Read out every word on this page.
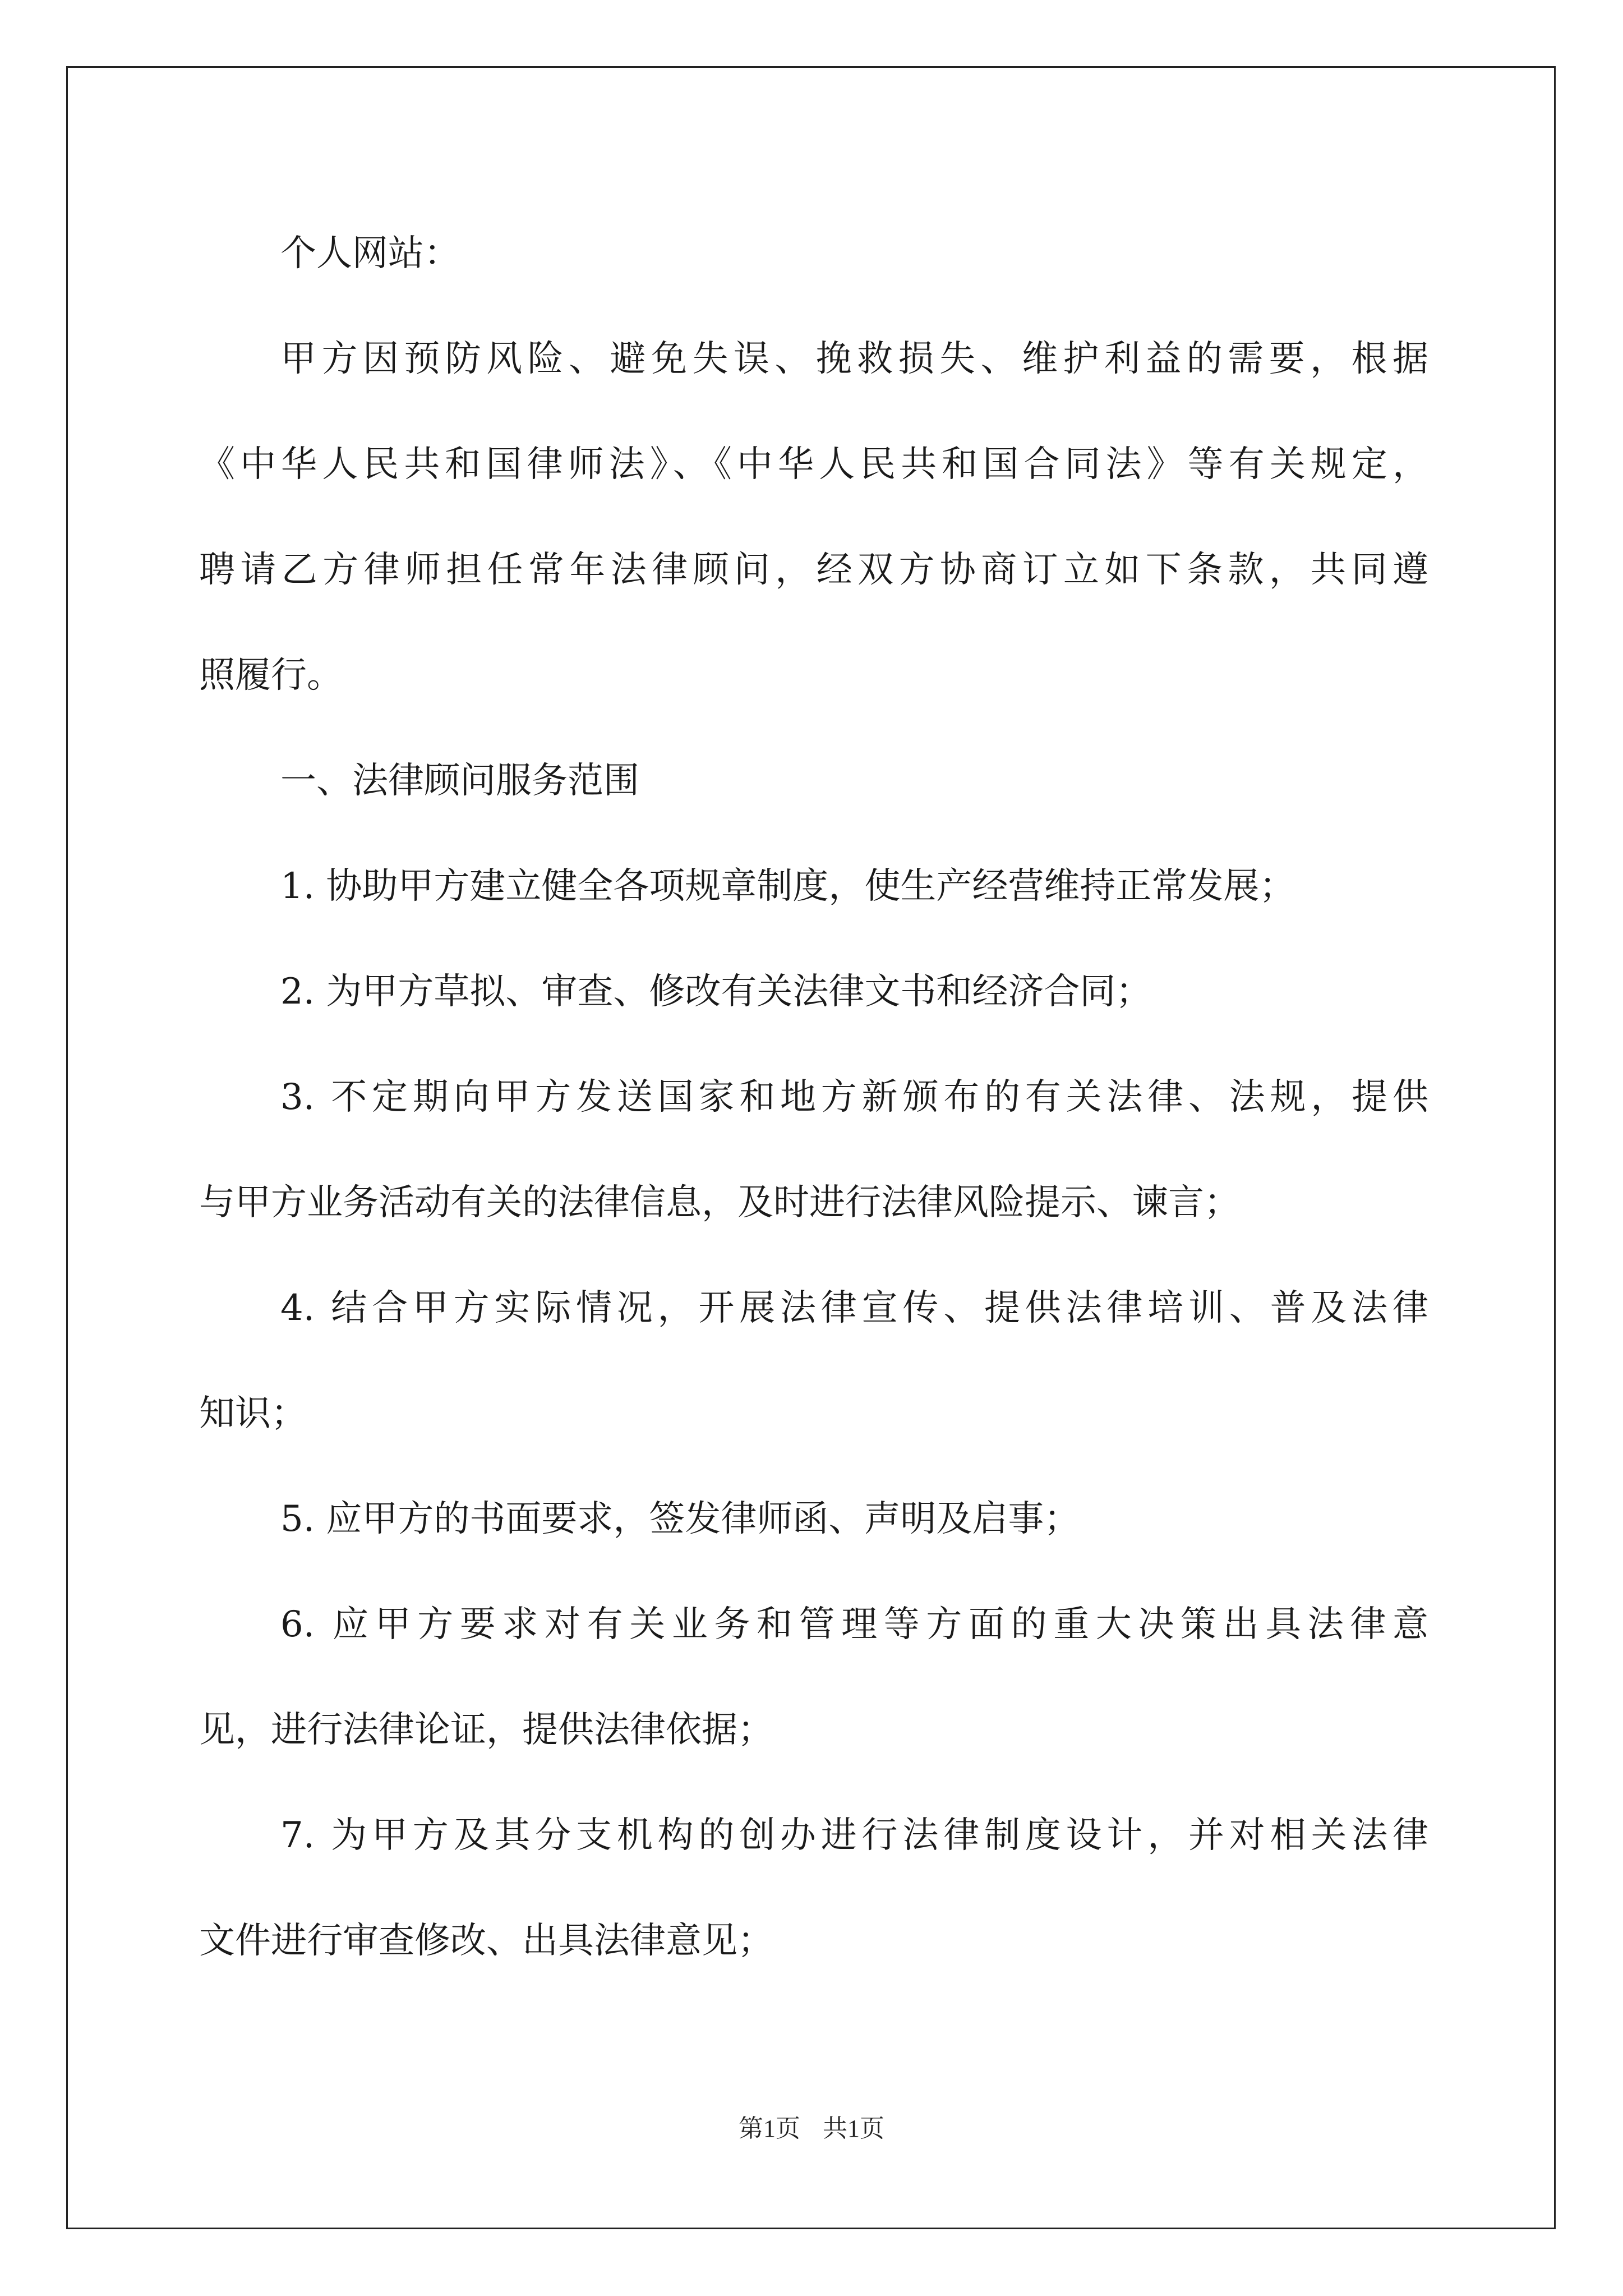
个人网站：
甲方因预防风险、避免失误、挽救损失、维护利益的需要，根据
《中华人民共和国律师法》、《中华人民共和国合同法》等有关规定，
聘请乙方律师担任常年法律顾问，经双方协商订立如下条款，共同遵
照履行。
一、法律顾问服务范围
1. 协助甲方建立健全各项规章制度，使生产经营维持正常发展；
2. 为甲方草拟、审查、修改有关法律文书和经济合同；
3. 不定期向甲方发送国家和地方新颁布的有关法律、法规，提供
与甲方业务活动有关的法律信息，及时进行法律风险提示、谏言；
4. 结合甲方实际情况，开展法律宣传、提供法律培训、普及法律
知识；
5. 应甲方的书面要求，签发律师函、声明及启事；
6. 应甲方要求对有关业务和管理等方面的重大决策出具法律意
见，进行法律论证，提供法律依据；
7. 为甲方及其分支机构的创办进行法律制度设计，并对相关法律
文件进行审查修改、出具法律意见；
第1页 共1页
